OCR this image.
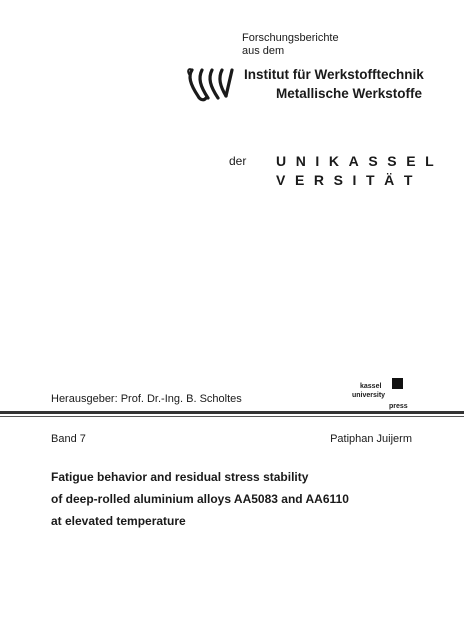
Forschungsberichte
aus dem
Institut für Werkstofftechnik
Metallische Werkstoffe
der UNIKASSEL
VERSITÄT
kassel
university
press
Herausgeber: Prof. Dr.-Ing. B. Scholtes
Band 7	Patiphan Juijerm
Fatigue behavior and residual stress stability
of deep-rolled aluminium alloys AA5083 and AA6110
at elevated temperature
